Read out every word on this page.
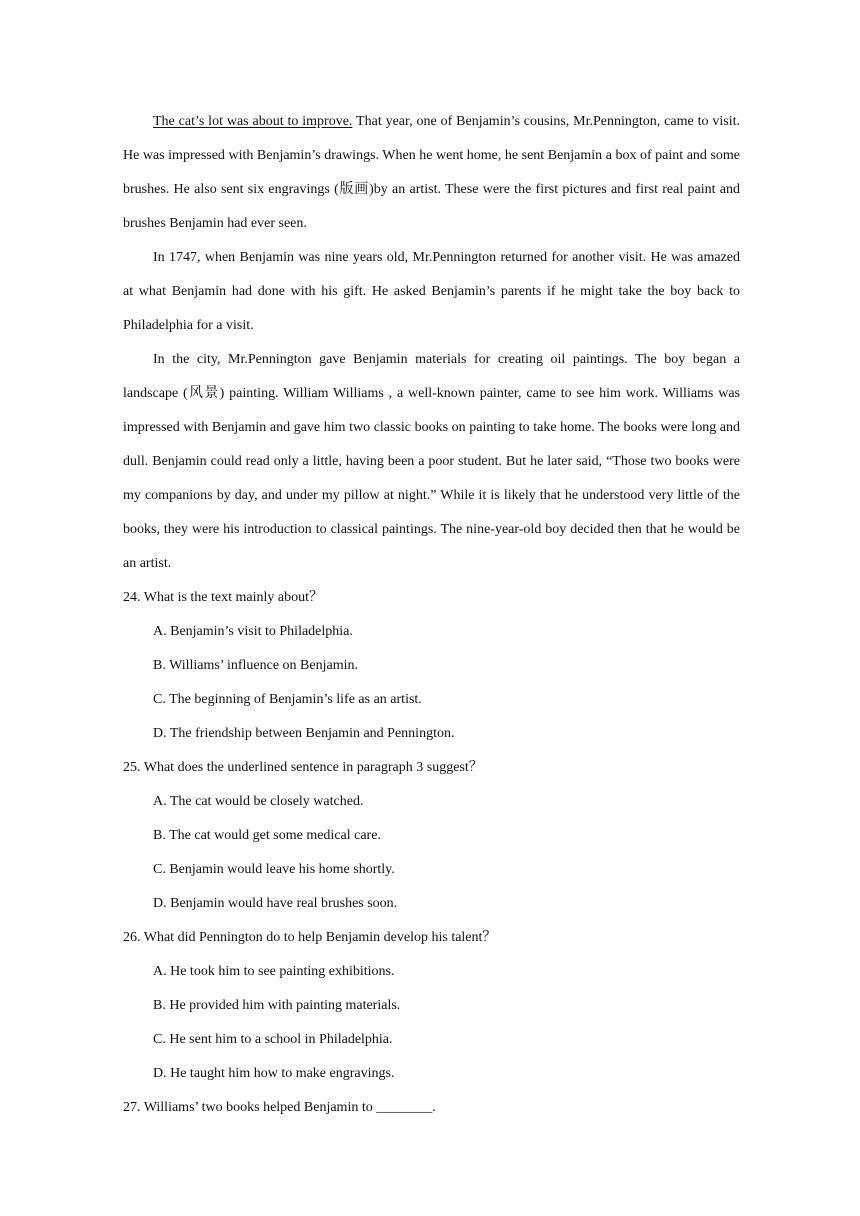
The cat’s lot was about to improve. That year, one of Benjamin’s cousins, Mr.Pennington, came to visit. He was impressed with Benjamin’s drawings. When he went home, he sent Benjamin a box of paint and some brushes. He also sent six engravings (版画)by an artist. These were the first pictures and first real paint and brushes Benjamin had ever seen.

In 1747, when Benjamin was nine years old, Mr.Pennington returned for another visit. He was amazed at what Benjamin had done with his gift. He asked Benjamin’s parents if he might take the boy back to Philadelphia for a visit.

In the city, Mr.Pennington gave Benjamin materials for creating oil paintings. The boy began a landscape (风景) painting. William Williams , a well-known painter, came to see him work. Williams was impressed with Benjamin and gave him two classic books on painting to take home. The books were long and dull. Benjamin could read only a little, having been a poor student. But he later said, “Those two books were my companions by day, and under my pillow at night.” While it is likely that he understood very little of the books, they were his introduction to classical paintings. The nine-year-old boy decided then that he would be an artist.

24. What is the text mainly about？

A. Benjamin’s visit to Philadelphia.

B. Williams’ influence on Benjamin.

C. The beginning of Benjamin’s life as an artist.

D. The friendship between Benjamin and Pennington.

25. What does the underlined sentence in paragraph 3 suggest？

A. The cat would be closely watched.

B. The cat would get some medical care.

C. Benjamin would leave his home shortly.

D. Benjamin would have real brushes soon.

26. What did Pennington do to help Benjamin develop his talent？

A. He took him to see painting exhibitions.

B. He provided him with painting materials.

C. He sent him to a school in Philadelphia.

D. He taught him how to make engravings.

27. Williams’ two books helped Benjamin to ________.
